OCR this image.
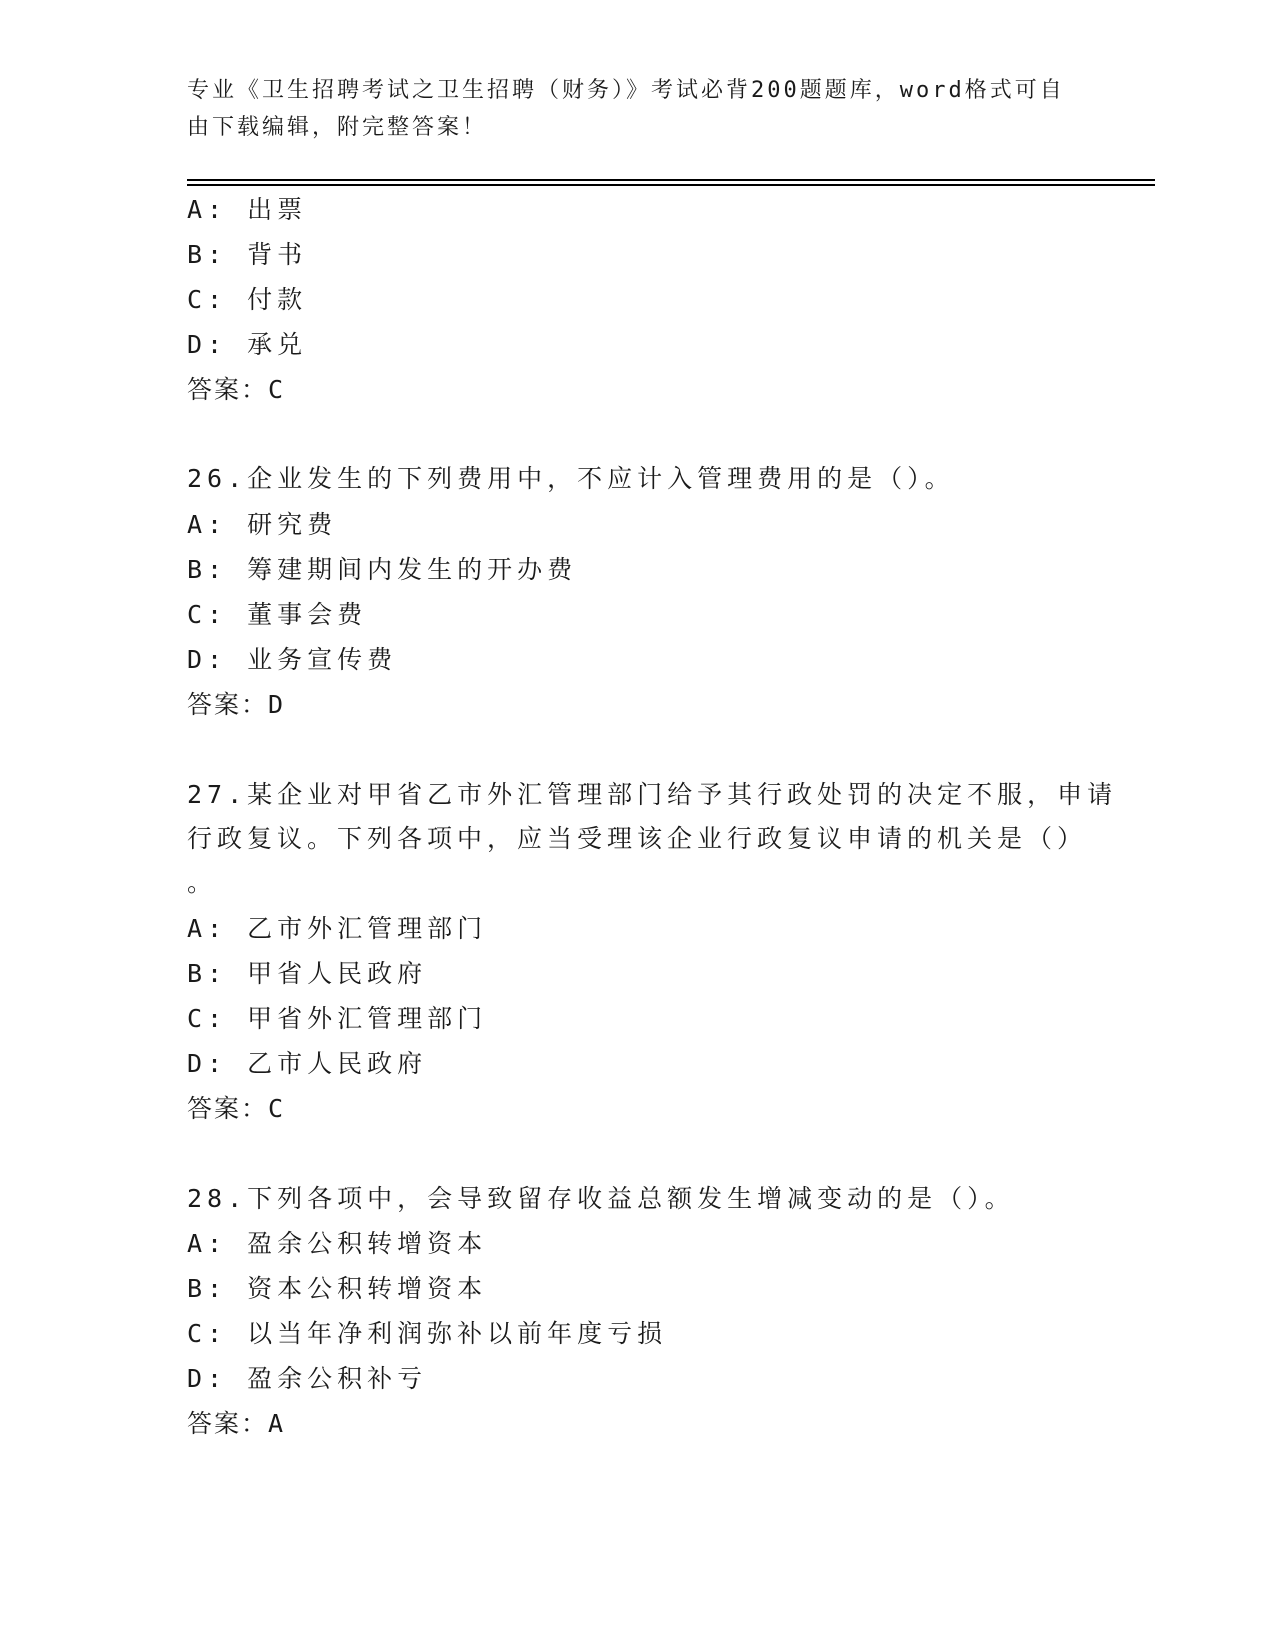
专业《卫生招聘考试之卫生招聘（财务）》考试必背200题题库，word格式可自由下载编辑，附完整答案！
A: 出票
B: 背书
C: 付款
D: 承兑
答案：C
26.企业发生的下列费用中，不应计入管理费用的是（）。
A: 研究费
B: 筹建期间内发生的开办费
C: 董事会费
D: 业务宣传费
答案：D
27.某企业对甲省乙市外汇管理部门给予其行政处罚的决定不服，申请
行政复议。下列各项中，应当受理该企业行政复议申请的机关是（）
。
A: 乙市外汇管理部门
B: 甲省人民政府
C: 甲省外汇管理部门
D: 乙市人民政府
答案：C
28.下列各项中，会导致留存收益总额发生增减变动的是（）。
A: 盈余公积转增资本
B: 资本公积转增资本
C: 以当年净利润弥补以前年度亏损
D: 盈余公积补亏
答案：A
